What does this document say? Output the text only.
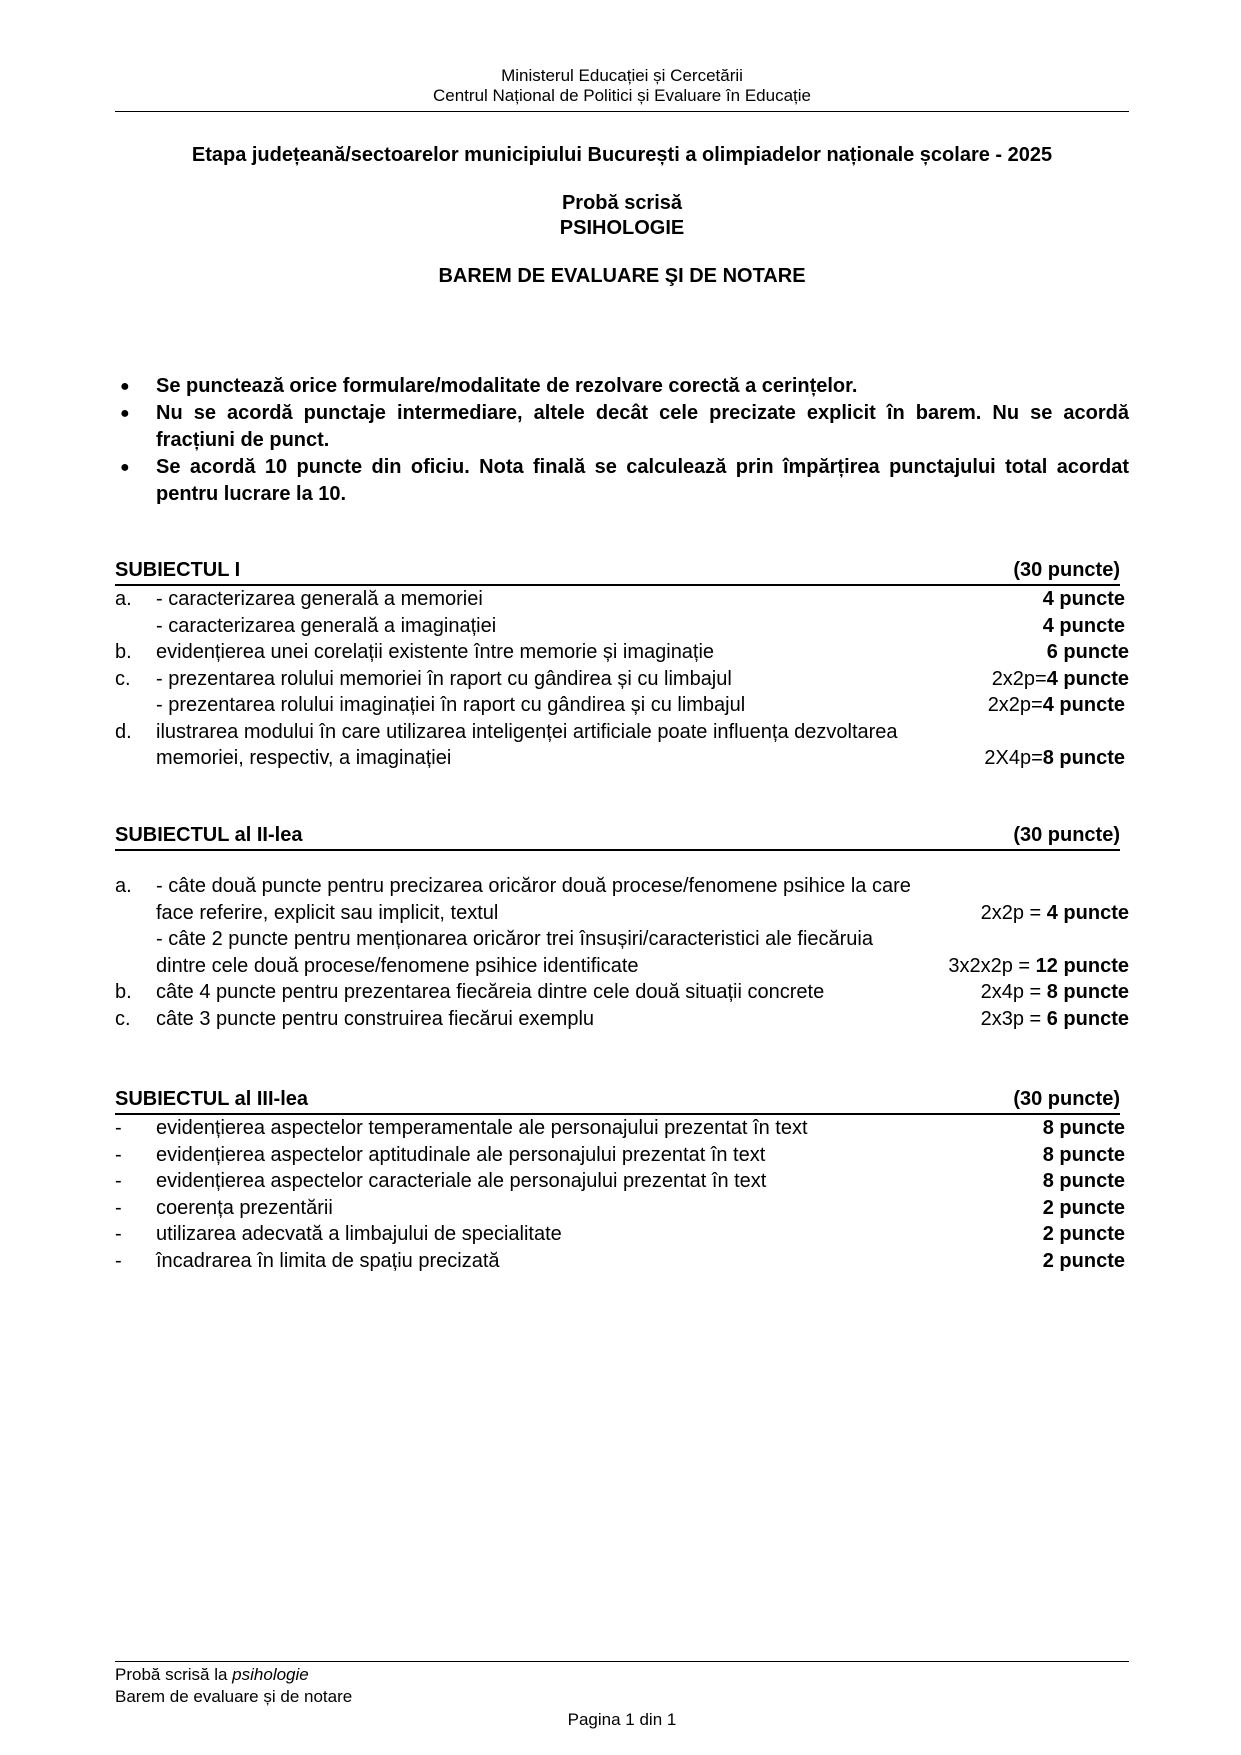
Ministerul Educației și Cercetării
Centrul Național de Politici și Evaluare în Educație
Etapa județeană/sectoarelor municipiului București a olimpiadelor naționale școlare - 2025
Probă scrisă
PSIHOLOGIE
BAREM DE EVALUARE ŞI DE NOTARE
● Se punctează orice formulare/modalitate de rezolvare corectă a cerințelor.
● Nu se acordă punctaje intermediare, altele decât cele precizate explicit în barem. Nu se acordă fracțiuni de punct.
● Se acordă 10 puncte din oficiu. Nota finală se calculează prin împărțirea punctajului total acordat pentru lucrare la 10.
SUBIECTUL I	(30 puncte)
a. - caracterizarea generală a memoriei	4 puncte
- caracterizarea generală a imaginației	4 puncte
b. evidențierea unei corelații existente între memorie și imaginație	6 puncte
c. - prezentarea rolului memoriei în raport cu gândirea și cu limbajul	2x2p=4 puncte
- prezentarea rolului imaginației în raport cu gândirea și cu limbajul	2x2p=4 puncte
d. ilustrarea modului în care utilizarea inteligenței artificiale poate influența dezvoltarea memoriei, respectiv, a imaginației	2X4p=8 puncte
SUBIECTUL al II-lea	(30 puncte)
a. - câte două puncte pentru precizarea oricăror două procese/fenomene psihice la care face referire, explicit sau implicit, textul	2x2p = 4 puncte
- câte 2 puncte pentru menționarea oricăror trei însușiri/caracteristici ale fiecăruia dintre cele două procese/fenomene psihice identificate	3x2x2p = 12 puncte
b. câte 4 puncte pentru prezentarea fiecăreia dintre cele două situații concrete	2x4p = 8 puncte
c. câte 3 puncte pentru construirea fiecărui exemplu	2x3p = 6 puncte
SUBIECTUL al III-lea	(30 puncte)
- evidențierea aspectelor temperamentale ale personajului prezentat în text	8 puncte
- evidențierea aspectelor aptitudinale ale personajului prezentat în text	8 puncte
- evidențierea aspectelor caracteriale ale personajului prezentat în text	8 puncte
- coerența prezentării	2 puncte
- utilizarea adecvată a limbajului de specialitate	2 puncte
- încadrarea în limita de spațiu precizată	2 puncte
Probă scrisă la psihologie
Barem de evaluare și de notare
Pagina 1 din 1
